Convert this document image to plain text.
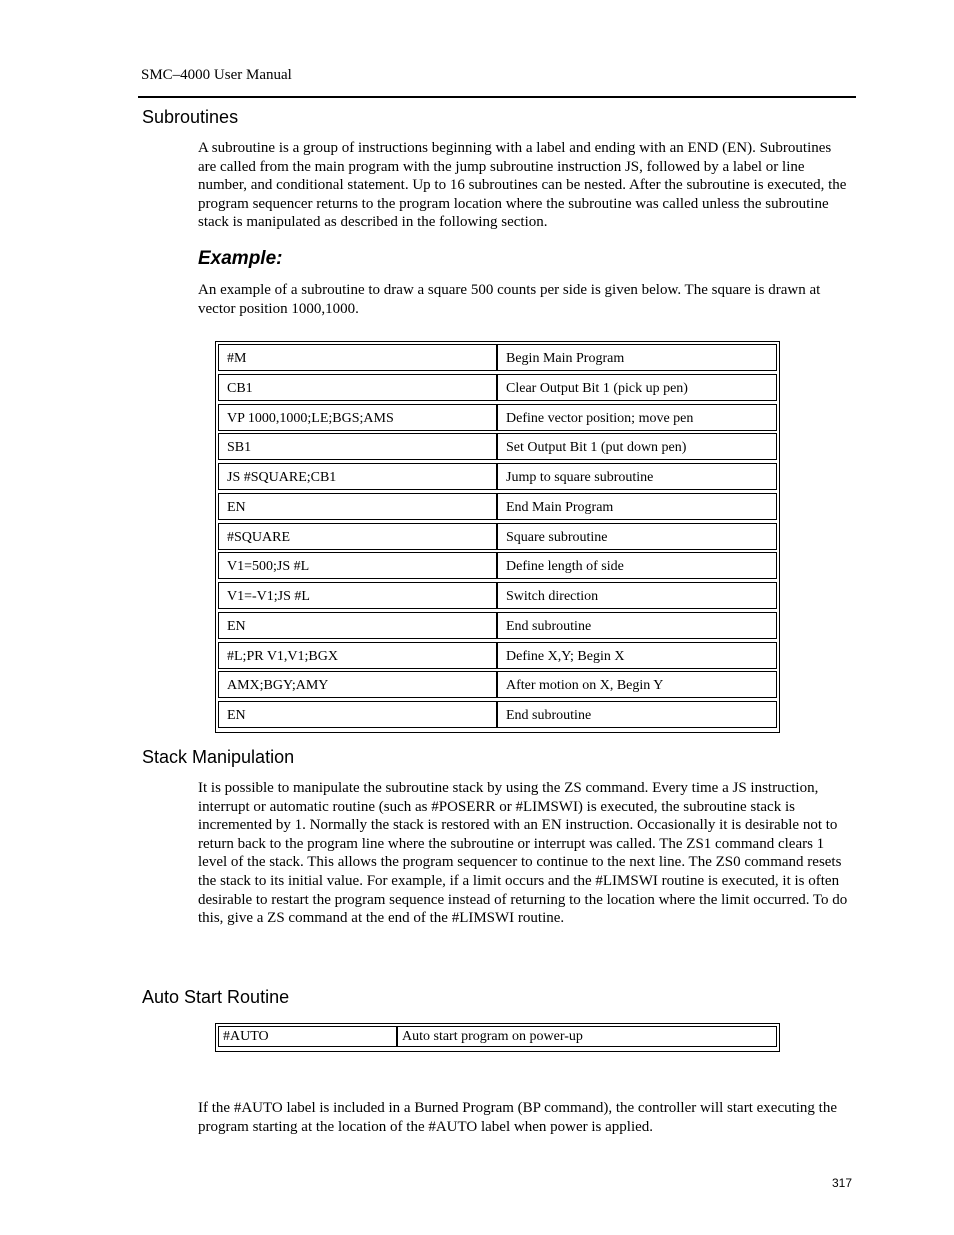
SMC–4000 User Manual
Subroutines

A subroutine is a group of instructions beginning with a label and ending with an END (EN). Subroutines are called from the main program with the jump subroutine instruction JS, followed by a label or line number, and conditional statement. Up to 16 subroutines can be nested. After the subroutine is executed, the program sequencer returns to the program location where the subroutine was called unless the subroutine stack is manipulated as described in the following section.

Example:

An example of a subroutine to draw a square 500 counts per side is given below. The square is drawn at vector position 1000,1000.

#M	Begin Main Program
CB1	Clear Output Bit 1 (pick up pen)
VP 1000,1000;LE;BGS;AMS	Define vector position; move pen
SB1	Set Output Bit 1 (put down pen)
JS #SQUARE;CB1	Jump to square subroutine
EN	End Main Program
#SQUARE	Square subroutine
V1=500;JS #L	Define length of side
V1=-V1;JS #L	Switch direction
EN	End subroutine
#L;PR V1,V1;BGX	Define X,Y; Begin X
AMX;BGY;AMY	After motion on X, Begin Y
EN	End subroutine
Stack Manipulation

It is possible to manipulate the subroutine stack by using the ZS command. Every time a JS instruction, interrupt or automatic routine (such as #POSERR or #LIMSWI) is executed, the subroutine stack is incremented by 1. Normally the stack is restored with an EN instruction. Occasionally it is desirable not to return back to the program line where the subroutine or interrupt was called. The ZS1 command clears 1 level of the stack. This allows the program sequencer to continue to the next line. The ZS0 command resets the stack to its initial value. For example, if a limit occurs and the #LIMSWI routine is executed, it is often desirable to restart the program sequence instead of returning to the location where the limit occurred. To do this, give a ZS command at the end of the #LIMSWI routine.

Auto Start Routine
#AUTO	Auto start program on power-up

If the #AUTO label is included in a Burned Program (BP command), the controller will start executing the program starting at the location of the #AUTO label when power is applied.

317
